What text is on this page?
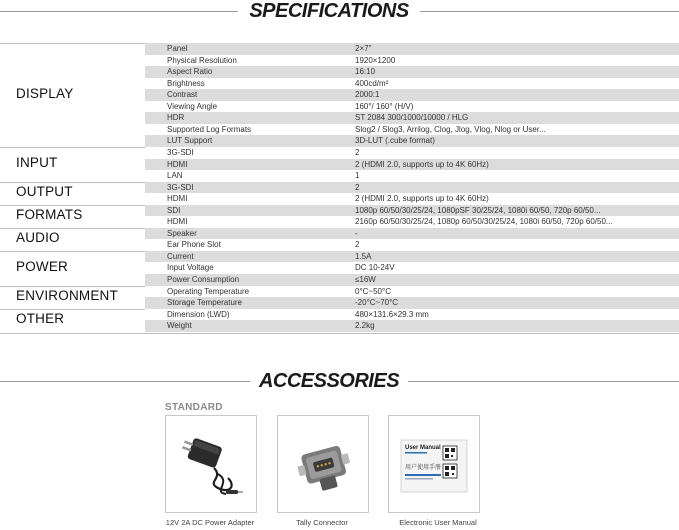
SPECIFICATIONS
Panel	2×7"
Physical Resolution	1920×1200
Aspect Ratio	16:10
Brightness	400cd/m²
Contrast	2000:1
Viewing Angle	160°/ 160° (H/V)
HDR	ST 2084 300/1000/10000 / HLG
Supported Log Formats	Slog2 / Slog3, Arrilog, Clog, Jlog, Vlog, Nlog or User...
LUT Support	3D-LUT (.cube format)
DISPLAY
3G-SDI	2
HDMI	2 (HDMI 2.0, supports up to 4K 60Hz)
LAN	1
INPUT
3G-SDI	2
HDMI	2 (HDMI 2.0, supports up to 4K 60Hz)
OUTPUT
SDI	1080p 60/50/30/25/24, 1080pSF 30/25/24, 1080i 60/50, 720p 60/50...
HDMI	2160p 60/50/30/25/24, 1080p 60/50/30/25/24, 1080i 60/50, 720p 60/50...
FORMATS
Speaker	-
Ear Phone Slot	2
AUDIO
Current	1.5A
Input Voltage	DC 10-24V
Power Consumption	≤16W
POWER
Operating Temperature	0°C~50°C
Storage Temperature	-20°C~70°C
ENVIRONMENT
Dimension (LWD)	480×131.6×29.3 mm
Weight	2.2kg
OTHER
ACCESSORIES
STANDARD
User Manual
用户使用手册
12V 2A DC Power Adapter	Tally Connector	Electronic User Manual
